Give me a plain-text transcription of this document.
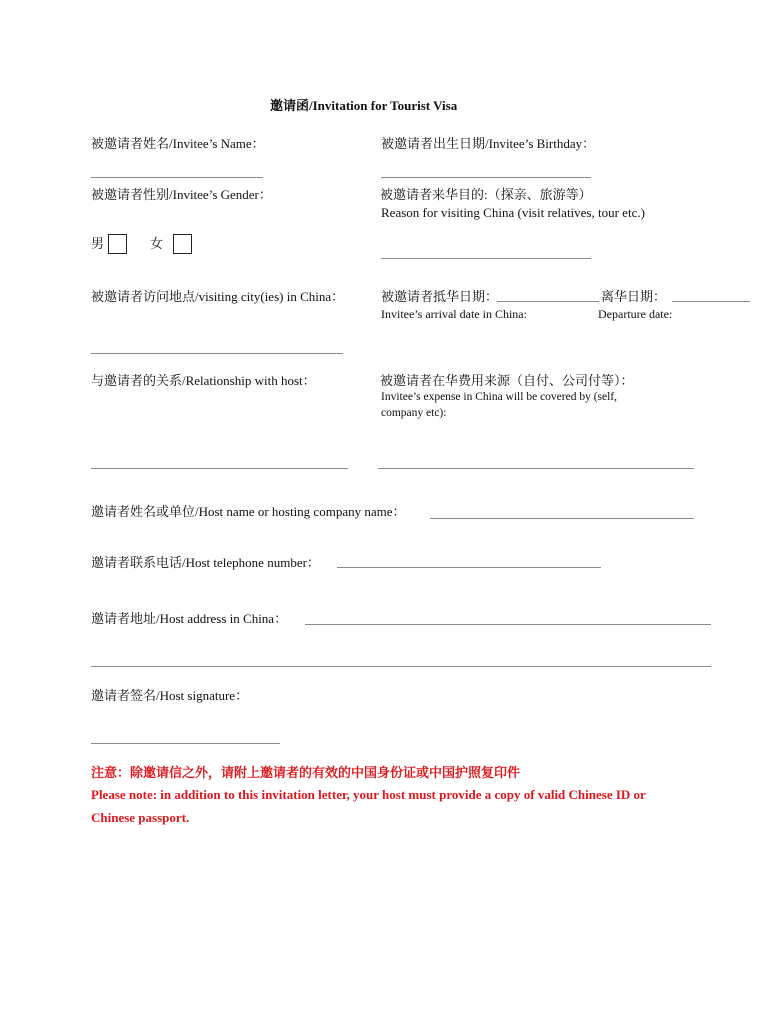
邀请函/Invitation for Tourist Visa
被邀请者姓名/Invitee’s Name：	被邀请者出生日期/Invitee’s Birthday：
被邀请者性别/Invitee’s Gender：	被邀请者来华目的:（探亲、旅游等）
Reason for visiting China (visit relatives, tour etc.)
男	女
被邀请者访问地点/visiting city(ies) in China：	被邀请者抵华日期：	离华日期：
Invitee’s arrival date in China:	Departure date:
与邀请者的关系/Relationship with host：	被邀请者在华费用来源（自付、公司付等）：
Invitee’s expense in China will be covered by (self,
company etc):
邀请者姓名或单位/Host name or hosting company name：
邀请者联系电话/Host telephone number：
邀请者地址/Host address in China：
邀请者签名/Host signature：
注意：除邀请信之外，请附上邀请者的有效的中国身份证或中国护照复印件
Please note: in addition to this invitation letter, your host must provide a copy of valid Chinese ID or
Chinese passport.
